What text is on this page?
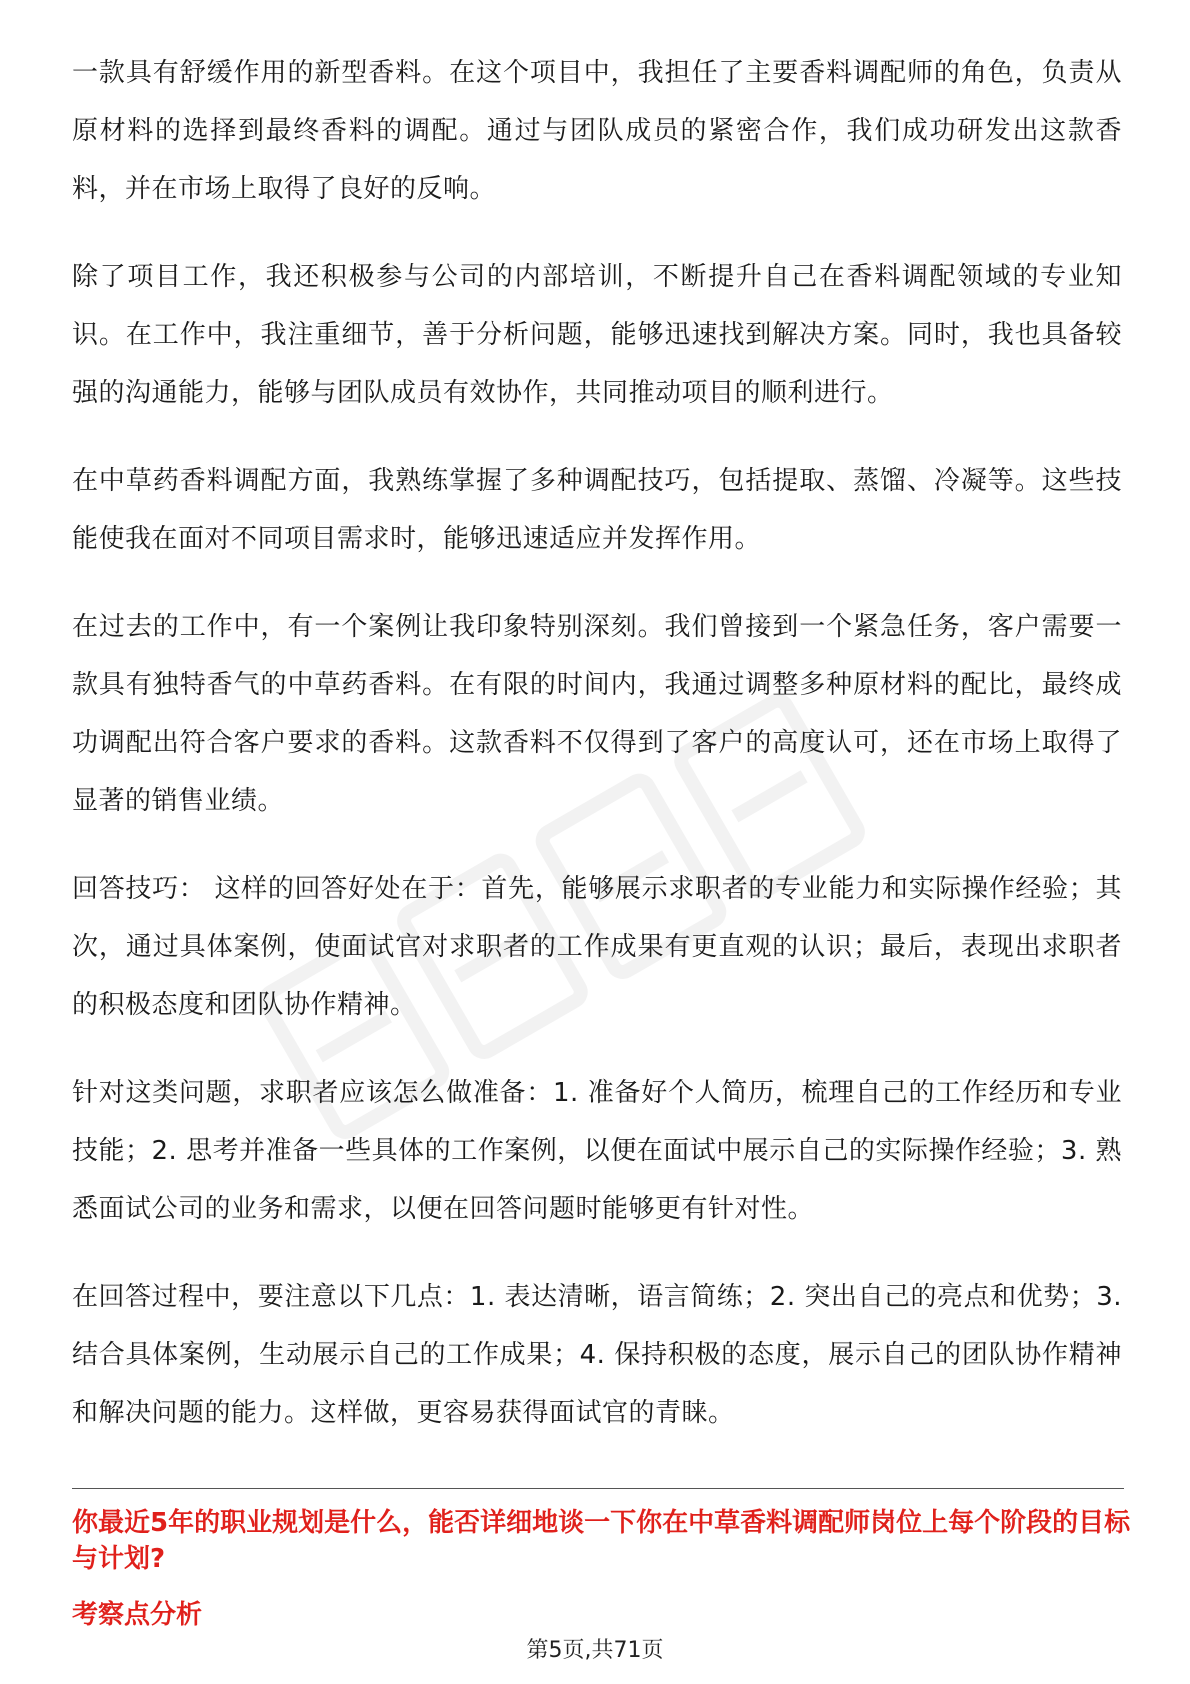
一款具有舒缓作用的新型香料。在这个项目中，我担任了主要香料调配师的角色，负责从原材料的选择到最终香料的调配。通过与团队成员的紧密合作，我们成功研发出这款香料，并在市场上取得了良好的反响。

除了项目工作，我还积极参与公司的内部培训，不断提升自己在香料调配领域的专业知识。在工作中，我注重细节，善于分析问题，能够迅速找到解决方案。同时，我也具备较强的沟通能力，能够与团队成员有效协作，共同推动项目的顺利进行。

在中草药香料调配方面，我熟练掌握了多种调配技巧，包括提取、蒸馏、冷凝等。这些技能使我在面对不同项目需求时，能够迅速适应并发挥作用。

在过去的工作中，有一个案例让我印象特别深刻。我们曾接到一个紧急任务，客户需要一款具有独特香气的中草药香料。在有限的时间内，我通过调整多种原材料的配比，最终成功调配出符合客户要求的香料。这款香料不仅得到了客户的高度认可，还在市场上取得了显著的销售业绩。

回答技巧： 这样的回答好处在于：首先，能够展示求职者的专业能力和实际操作经验；其次，通过具体案例，使面试官对求职者的工作成果有更直观的认识；最后，表现出求职者的积极态度和团队协作精神。

针对这类问题，求职者应该怎么做准备：1. 准备好个人简历，梳理自己的工作经历和专业技能；2. 思考并准备一些具体的工作案例，以便在面试中展示自己的实际操作经验；3. 熟悉面试公司的业务和需求，以便在回答问题时能够更有针对性。

在回答过程中，要注意以下几点：1. 表达清晰，语言简练；2. 突出自己的亮点和优势；3. 结合具体案例，生动展示自己的工作成果；4. 保持积极的态度，展示自己的团队协作精神和解决问题的能力。这样做，更容易获得面试官的青睐。

你最近5年的职业规划是什么，能否详细地谈一下你在中草香料调配师岗位上每个阶段的目标与计划?

考察点分析

第5页,共71页
